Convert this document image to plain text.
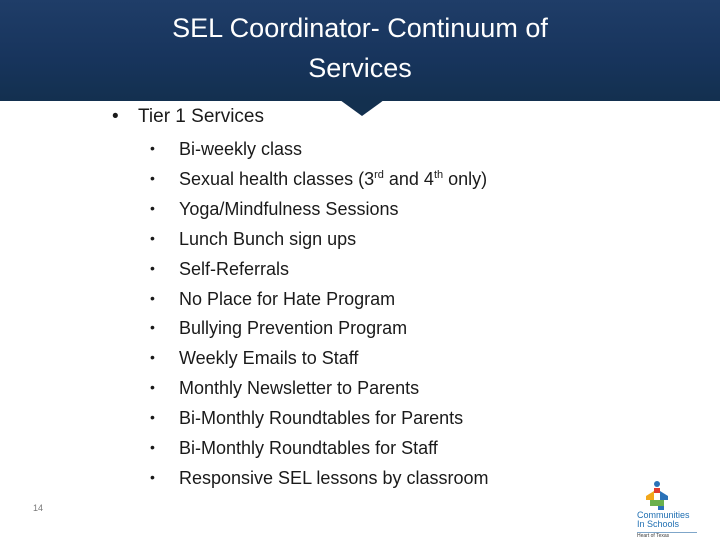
SEL Coordinator- Continuum of
Services
• Tier 1 Services
• Bi-weekly class
• Sexual health classes (3rd and 4th only)
• Yoga/Mindfulness Sessions
• Lunch Bunch sign ups
• Self-Referrals
• No Place for Hate Program
• Bullying Prevention Program
• Weekly Emails to Staff
• Monthly Newsletter to Parents
• Bi-Monthly Roundtables for Parents
• Bi-Monthly Roundtables for Staff
• Responsive SEL lessons by classroom
14
Communities
In Schools
Heart of Texas
